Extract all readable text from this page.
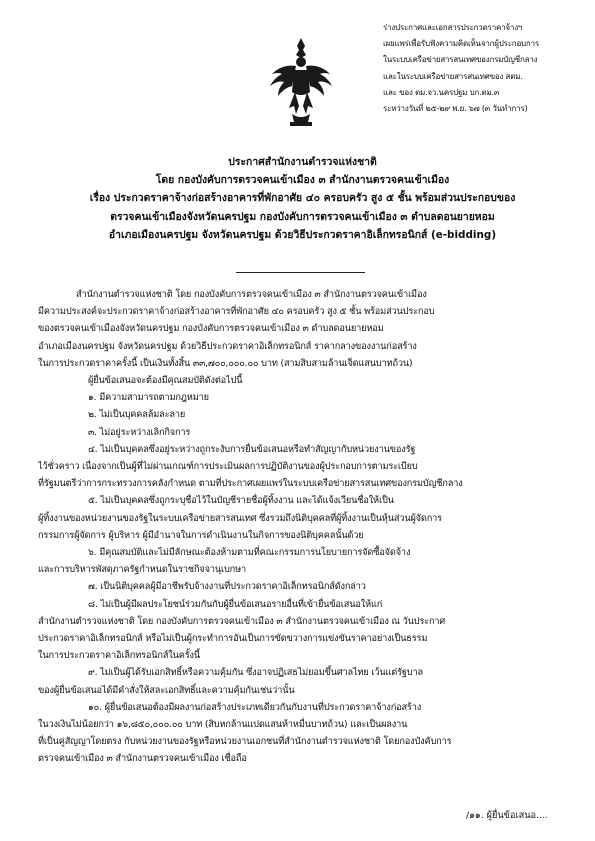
ร่างประกาศและเอกสารประกวดราคาจ้างฯ
เผยแพร่เพื่อรับฟังความคิดเห็นจากผู้ประกอบการ
ในระบบเครือข่ายสารสนเทศของกรมบัญชีกลาง
และในระบบเครือข่ายสารสนเทศของ สตม.
และ ของ ตม.จว.นครปฐม บก.ตม.๓
ระหว่างวันที่ ๒๕-๒๙ พ.ย. ๖๗ (๓ วันทำการ)
ประกาศสำนักงานตำรวจแห่งชาติ
โดย กองบังคับการตรวจคนเข้าเมือง ๓ สำนักงานตรวจคนเข้าเมือง
เรื่อง ประกวดราคาจ้างก่อสร้างอาคารที่พักอาศัย ๔๐ ครอบครัว สูง ๕ ชั้น พร้อมส่วนประกอบของ
ตรวจคนเข้าเมืองจังหวัดนครปฐม กองบังคับการตรวจคนเข้าเมือง ๓ ตำบลดอนยายหอม
อำเภอเมืองนครปฐม จังหวัดนครปฐม ด้วยวิธีประกวดราคาอิเล็กทรอนิกส์ (e-bidding)

สำนักงานตำรวจแห่งชาติ โดย กองบังคับการตรวจคนเข้าเมือง ๓ สำนักงานตรวจคนเข้าเมือง

มีความประสงค์จะประกวดราคาจ้างก่อสร้างอาคารที่พักอาศัย ๔๐ ครอบครัว สูง ๕ ชั้น พร้อมส่วนประกอบ

ของตรวจคนเข้าเมืองจังหวัดนครปฐม กองบังคับการตรวจคนเข้าเมือง ๓ ตำบลดอนยายหอม

อำเภอเมืองนครปฐม จังหวัดนครปฐม ด้วยวิธีประกวดราคาอิเล็กทรอนิกส์ ราคากลางของงานก่อสร้าง

ในการประกวดราคาครั้งนี้ เป็นเงินทั้งสิ้น ๓๓,๗๐๐,๐๐๐.๐๐ บาท (สามสิบสามล้านเจ็ดแสนบาทถ้วน)

ผู้ยื่นข้อเสนอจะต้องมีคุณสมบัติดังต่อไปนี้

๑. มีความสามารถตามกฎหมาย

๒. ไม่เป็นบุคคลล้มละลาย

๓. ไม่อยู่ระหว่างเลิกกิจการ

๔. ไม่เป็นบุคคลซึ่งอยู่ระหว่างถูกระงับการยื่นข้อเสนอหรือทำสัญญากับหน่วยงานของรัฐ

ไว้ชั่วคราว เนื่องจากเป็นผู้ที่ไม่ผ่านเกณฑ์การประเมินผลการปฏิบัติงานของผู้ประกอบการตามระเบียบ

ที่รัฐมนตรีว่าการกระทรวงการคลังกำหนด ตามที่ประกาศเผยแพร่ในระบบเครือข่ายสารสนเทศของกรมบัญชีกลาง

๕. ไม่เป็นบุคคลซึ่งถูกระบุชื่อไว้ในบัญชีรายชื่อผู้ทิ้งงาน และได้แจ้งเวียนชื่อให้เป็น

ผู้ทิ้งงานของหน่วยงานของรัฐในระบบเครือข่ายสารสนเทศ ซึ่งรวมถึงนิติบุคคลที่ผู้ทิ้งงานเป็นหุ้นส่วนผู้จัดการ

กรรมการผู้จัดการ ผู้บริหาร ผู้มีอำนาจในการดำเนินงานในกิจการของนิติบุคคลนั้นด้วย

๖. มีคุณสมบัติและไม่มีลักษณะต้องห้ามตามที่คณะกรรมการนโยบายการจัดซื้อจัดจ้าง

และการบริหารพัสดุภาครัฐกำหนดในราชกิจจานุเบกษา

๗. เป็นนิติบุคคลผู้มีอาชีพรับจ้างงานที่ประกวดราคาอิเล็กทรอนิกส์ดังกล่าว

๘. ไม่เป็นผู้มีผลประโยชน์ร่วมกันกับผู้ยื่นข้อเสนอรายอื่นที่เข้ายื่นข้อเสนอให้แก่

สำนักงานตำรวจแห่งชาติ โดย กองบังคับการตรวจคนเข้าเมือง ๓ สำนักงานตรวจคนเข้าเมือง ณ วันประกาศ

ประกวดราคาอิเล็กทรอนิกส์ หรือไม่เป็นผู้กระทำการอันเป็นการขัดขวางการแข่งขันราคาอย่างเป็นธรรม

ในการประกวดราคาอิเล็กทรอนิกส์ในครั้งนี้

๙. ไม่เป็นผู้ได้รับเอกสิทธิ์หรือความคุ้มกัน ซึ่งอาจปฏิเสธไม่ยอมขึ้นศาลไทย เว้นแต่รัฐบาล

ของผู้ยื่นข้อเสนอได้มีคำสั่งให้สละเอกสิทธิ์และความคุ้มกันเช่นว่านั้น

๑๐. ผู้ยื่นข้อเสนอต้องมีผลงานก่อสร้างประเภทเดียวกันกับงานที่ประกวดราคาจ้างก่อสร้าง

ในวงเงินไม่น้อยกว่า ๑๖,๘๕๐,๐๐๐.๐๐ บาท (สิบหกล้านแปดแสนห้าหมื่นบาทถ้วน) และเป็นผลงาน

ที่เป็นคู่สัญญาโดยตรง กับหน่วยงานของรัฐหรือหน่วยงานเอกชนที่สำนักงานตำรวจแห่งชาติ โดยกองบังคับการ

ตรวจคนเข้าเมือง ๓ สำนักงานตรวจคนเข้าเมือง เชื่อถือ

/๑๑. ผู้ยื่นข้อเสนอ....
